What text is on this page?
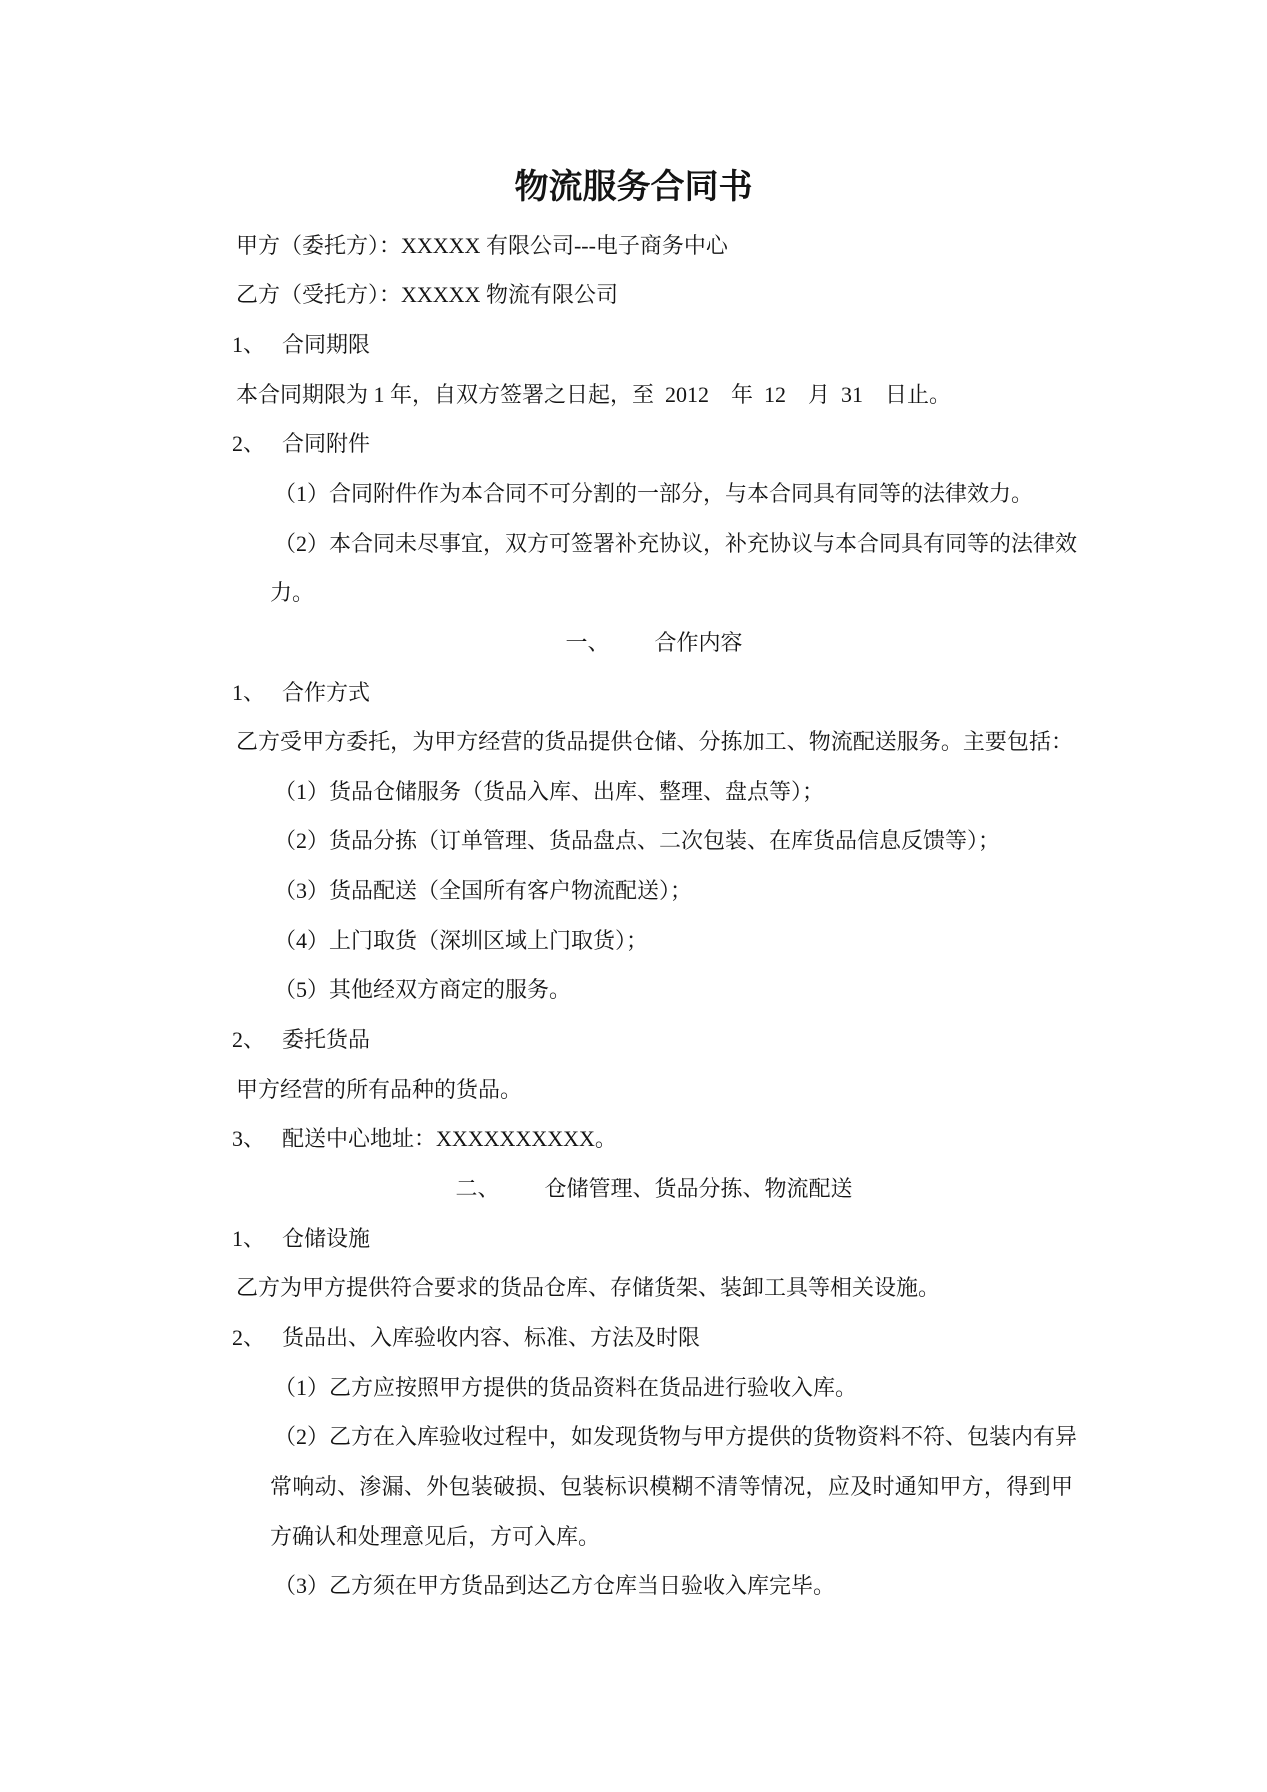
物流服务合同书
甲方（委托方）：XXXXX 有限公司---电子商务中心
乙方（受托方）：XXXXX 物流有限公司
1、 合同期限
本合同期限为 1 年，自双方签署之日起，至  2012    年  12    月  31    日止。
2、 合同附件
（1）合同附件作为本合同不可分割的一部分，与本合同具有同等的法律效力。
（2）本合同未尽事宜，双方可签署补充协议，补充协议与本合同具有同等的法律效
力。
一、	合作内容
1、 合作方式
乙方受甲方委托，为甲方经营的货品提供仓储、分拣加工、物流配送服务。主要包括：
（1）货品仓储服务（货品入库、出库、整理、盘点等）；
（2）货品分拣（订单管理、货品盘点、二次包装、在库货品信息反馈等）；
（3）货品配送（全国所有客户物流配送）；
（4）上门取货（深圳区域上门取货）；
（5）其他经双方商定的服务。
2、 委托货品
甲方经营的所有品种的货品。
3、 配送中心地址：XXXXXXXXXX。
二、	仓储管理、货品分拣、物流配送
1、 仓储设施
乙方为甲方提供符合要求的货品仓库、存储货架、装卸工具等相关设施。
2、 货品出、入库验收内容、标准、方法及时限
（1）乙方应按照甲方提供的货品资料在货品进行验收入库。
（2）乙方在入库验收过程中，如发现货物与甲方提供的货物资料不符、包装内有异
常响动、渗漏、外包装破损、包装标识模糊不清等情况，应及时通知甲方，得到甲
方确认和处理意见后，方可入库。
（3）乙方须在甲方货品到达乙方仓库当日验收入库完毕。
